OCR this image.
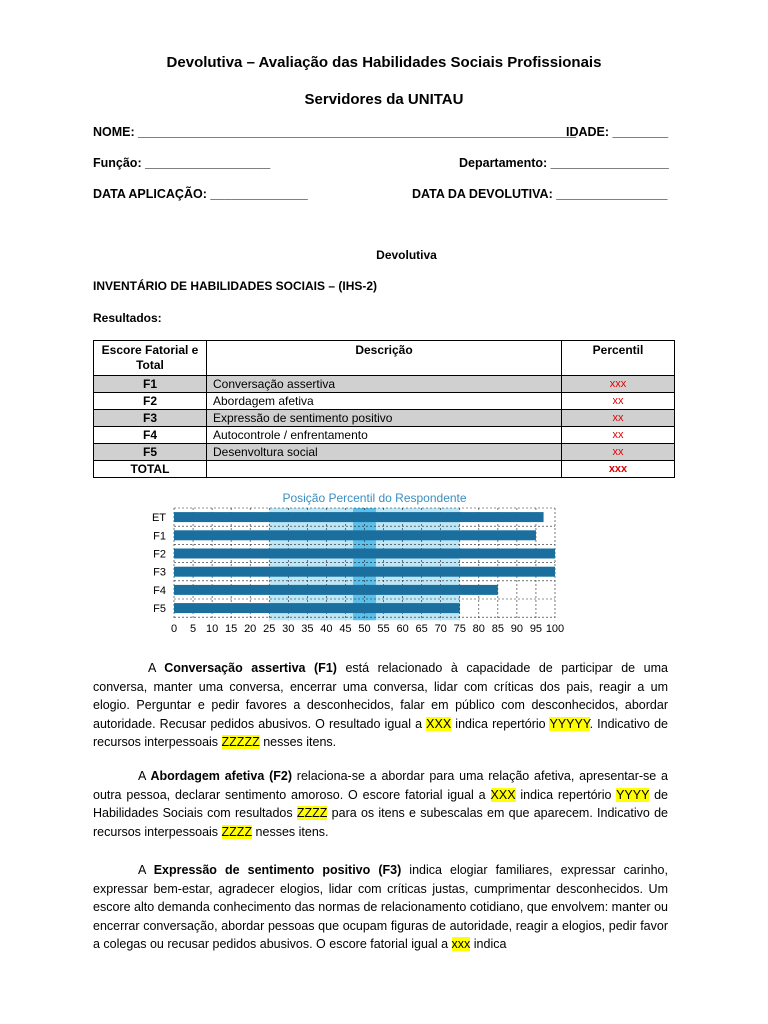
Devolutiva – Avaliação das Habilidades Sociais Profissionais
Servidores da UNITAU
NOME: _______________________________________________________________
IDADE: ________
Função: __________________	Departamento: _________________
DATA APLICAÇÃO: ______________	DATA DA DEVOLUTIVA: ________________
Devolutiva
INVENTÁRIO DE HABILIDADES SOCIAIS – (IHS-2)
Resultados:
Escore Fatorial e Total	Descrição	Percentil
F1	Conversação assertiva	xxx
F2	Abordagem afetiva	xx
F3	Expressão de sentimento positivo	xx
F4	Autocontrole / enfrentamento	xx
F5	Desenvoltura social	xx
TOTAL		xxx
Posição Percentil do Respondente
ET
F1
F2
F3
F4
F5
0 5 10 15 20 25 30 35 40 45 50 55 60 65 70 75 80 85 90 95 100

A Conversação assertiva (F1) está relacionado à capacidade de participar de uma conversa, manter uma conversa, encerrar uma conversa, lidar com críticas dos pais, reagir a um elogio. Perguntar e pedir favores a desconhecidos, falar em público com desconhecidos, abordar autoridade. Recusar pedidos abusivos. O resultado igual a XXX indica repertório YYYYY. Indicativo de recursos interpessoais ZZZZZ nesses itens.

A Abordagem afetiva (F2) relaciona-se a abordar para uma relação afetiva, apresentar-se a outra pessoa, declarar sentimento amoroso. O escore fatorial igual a XXX indica repertório YYYY de Habilidades Sociais com resultados ZZZZ para os itens e subescalas em que aparecem. Indicativo de recursos interpessoais ZZZZ nesses itens.

A Expressão de sentimento positivo (F3) indica elogiar familiares, expressar carinho, expressar bem-estar, agradecer elogios, lidar com críticas justas, cumprimentar desconhecidos. Um escore alto demanda conhecimento das normas de relacionamento cotidiano, que envolvem: manter ou encerrar conversação, abordar pessoas que ocupam figuras de autoridade, reagir a elogios, pedir favor a colegas ou recusar pedidos abusivos. O escore fatorial igual a xxx indica
